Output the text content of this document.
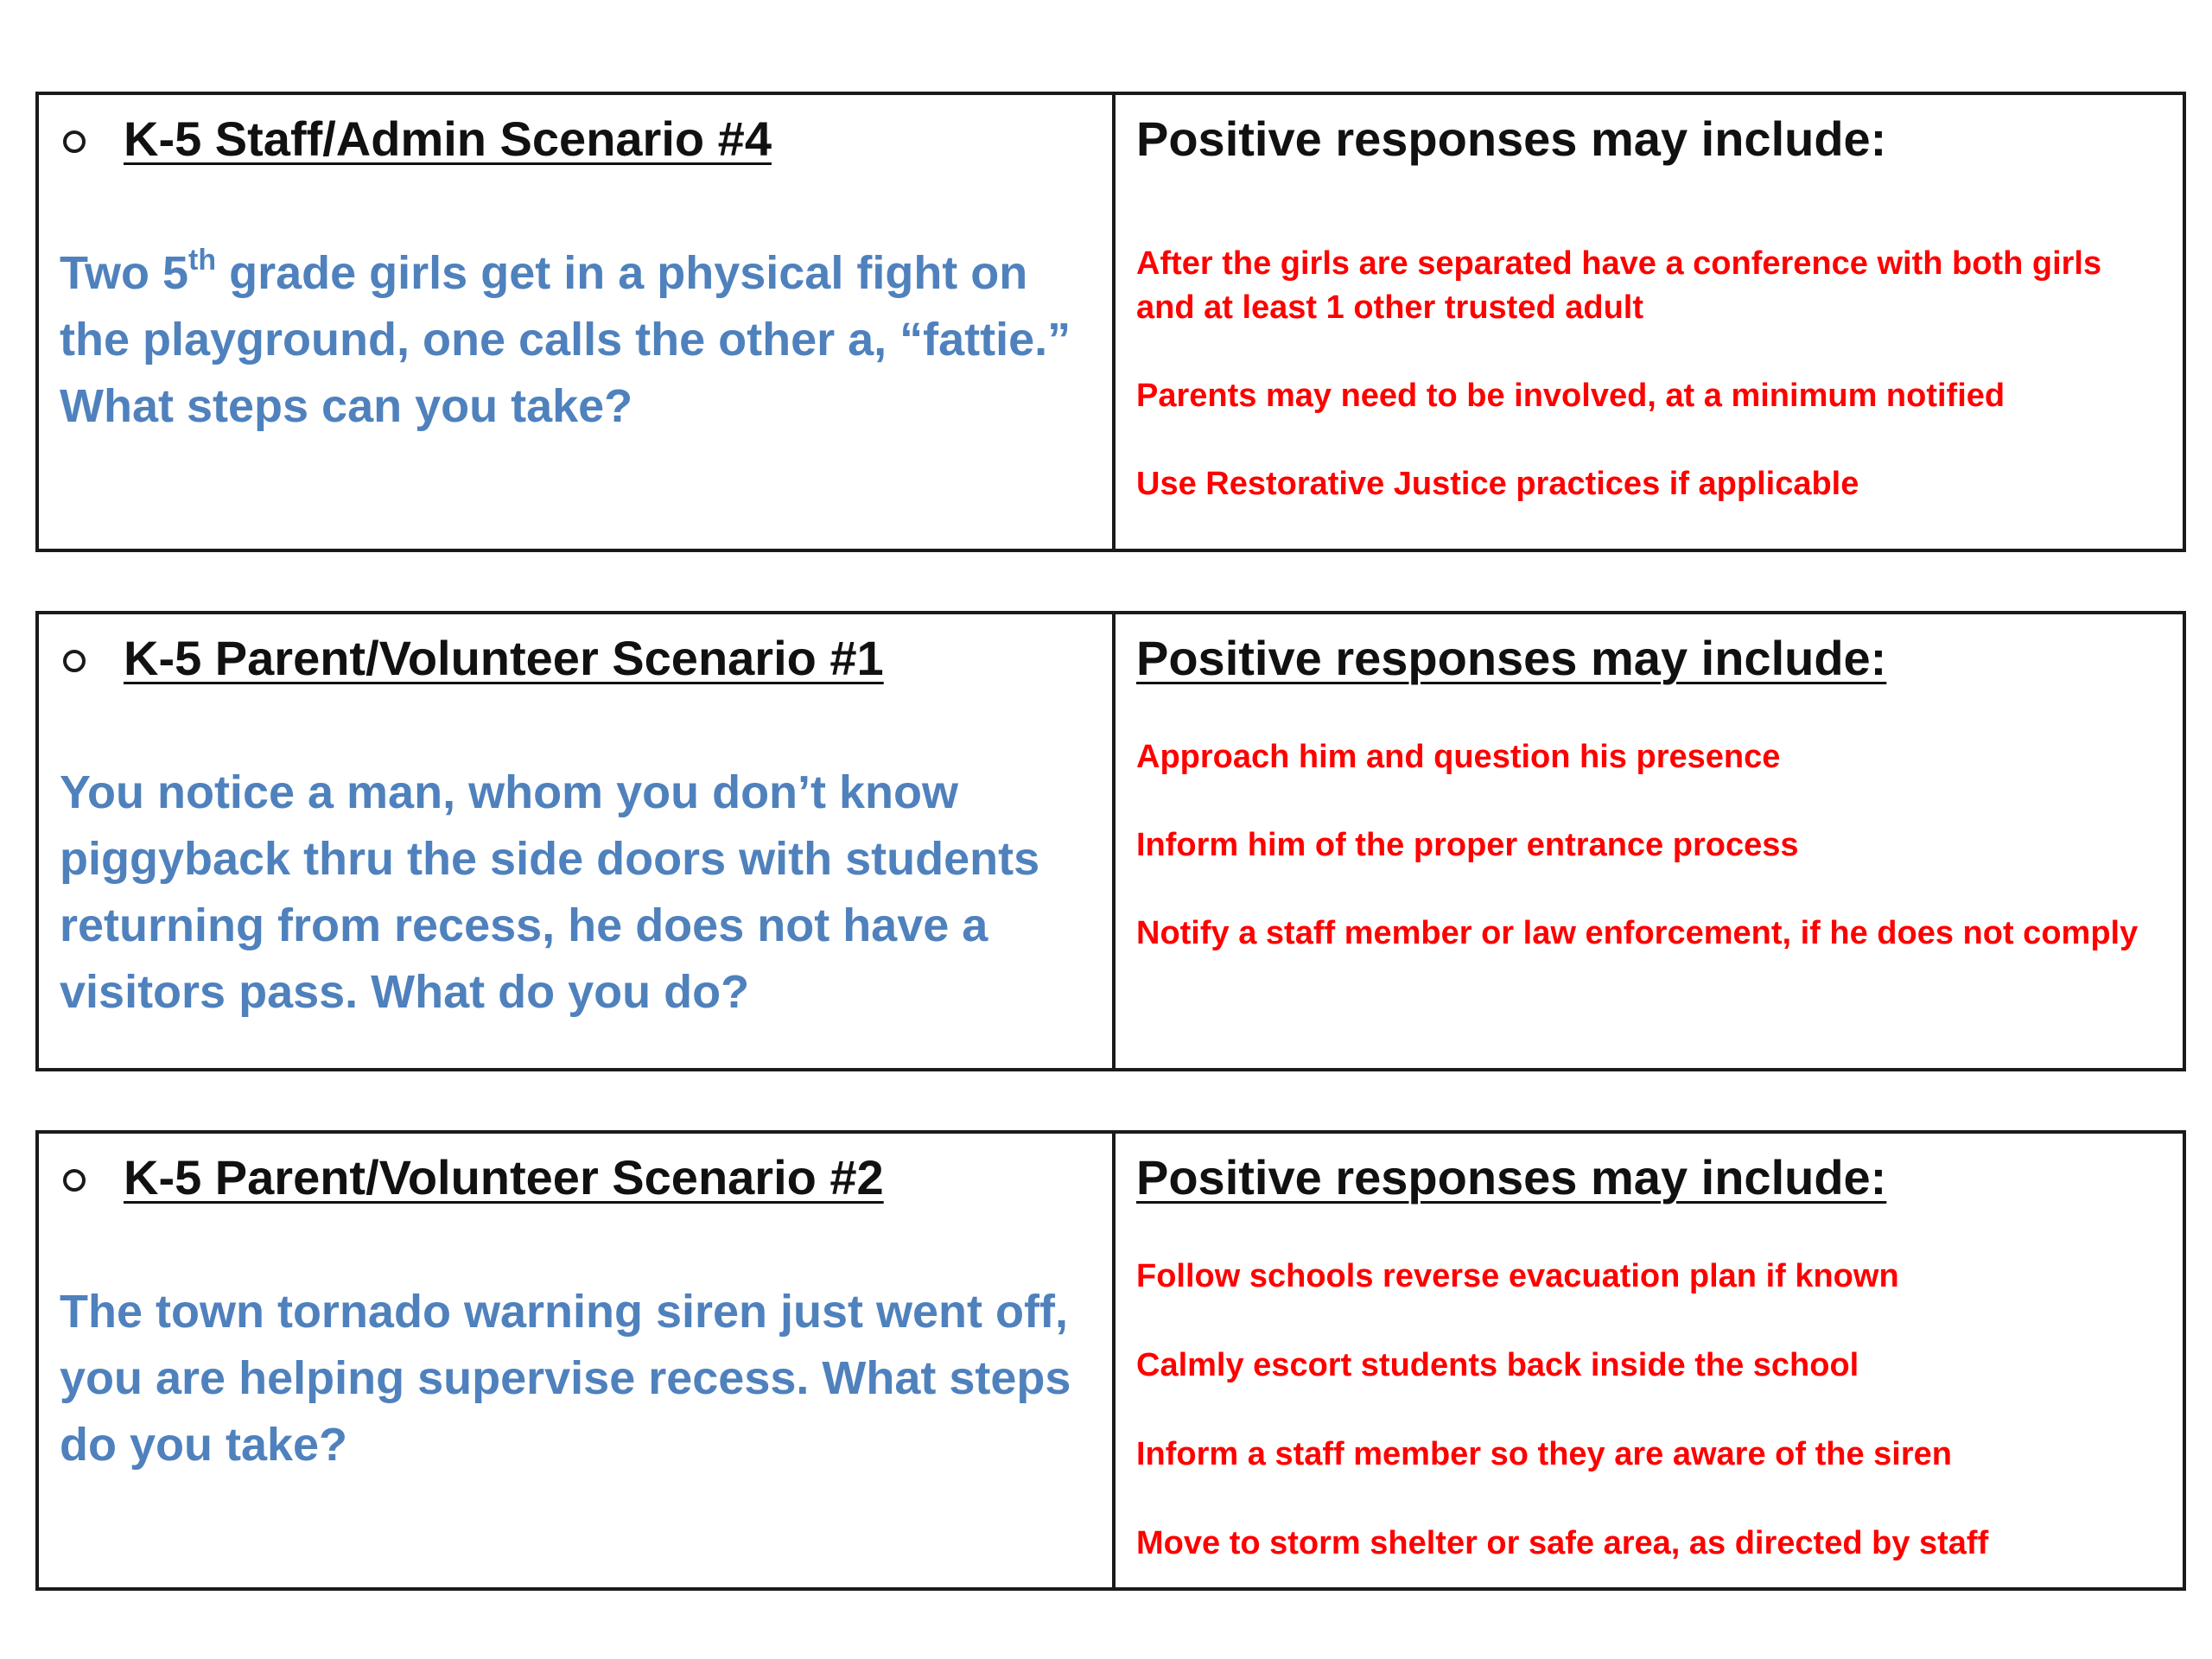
K-5 Staff/Admin Scenario #4
Two 5th grade girls get in a physical fight on the playground, one calls the other a, “fattie.” What steps can you take?
Positive responses may include:
After the girls are separated have a conference with both girls and at least 1 other trusted adult
Parents may need to be involved, at a minimum notified
Use Restorative Justice practices if applicable
K-5 Parent/Volunteer Scenario #1
You notice a man, whom you don’t know piggyback thru the side doors with students returning from recess, he does not have a visitors pass. What do you do?
Positive responses may include:
Approach him and question his presence
Inform him of the proper entrance process
Notify a staff member or law enforcement, if he does not comply
K-5 Parent/Volunteer Scenario #2
The town tornado warning siren just went off, you are helping supervise recess. What steps do you take?
Positive responses may include:
Follow schools reverse evacuation plan if known
Calmly escort students back inside the school
Inform a staff member so they are aware of the siren
Move to storm shelter or safe area, as directed by staff
